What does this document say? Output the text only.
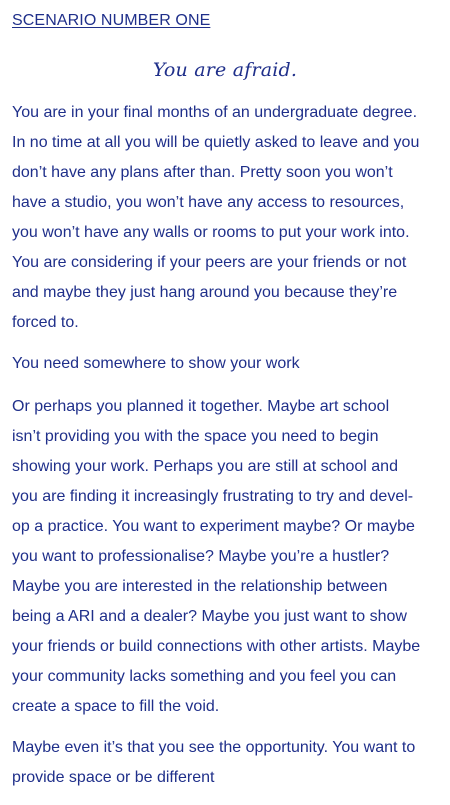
SCENARIO NUMBER ONE
You are afraid.

You are in your final months of an undergraduate degree.
In no time at all you will be quietly asked to leave and you
don’t have any plans after than. Pretty soon you won’t
have a studio, you won’t have any access to resources,
you won’t have any walls or rooms to put your work into.
You are considering if your peers are your friends or not
and maybe they just hang around you because they’re
forced to.

You need somewhere to show your work

Or perhaps you planned it together. Maybe art school
isn’t providing you with the space you need to begin
showing your work. Perhaps you are still at school and
you are finding it increasingly frustrating to try and devel-
op a practice. You want to experiment maybe? Or maybe
you want to professionalise? Maybe you’re a hustler?
Maybe you are interested in the relationship between
being a ARI and a dealer? Maybe you just want to show
your friends or build connections with other artists. Maybe
your community lacks something and you feel you can
create a space to fill the void.

Maybe even it’s that you see the opportunity. You want to
provide space or be different
